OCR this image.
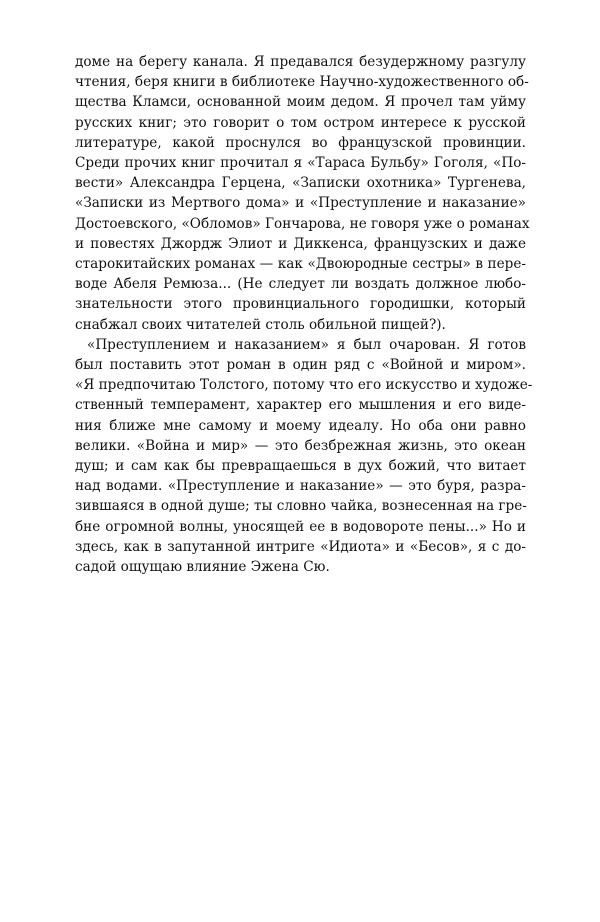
доме на берегу канала. Я предавался безудержному разгулу
чтения, беря книги в библиотеке Научно-художественного об-
щества Кламси, основанной моим дедом. Я прочел там уйму
русских книг; это говорит о том остром интересе к русской
литературе, какой проснулся во французской провинции.
Среди прочих книг прочитал я «Тараса Бульбу» Гоголя, «По-
вести» Александра Герцена, «Записки охотника» Тургенева,
«Записки из Мертвого дома» и «Преступление и наказание»
Достоевского, «Обломов» Гончарова, не говоря уже о романах
и повестях Джордж Элиот и Диккенса, французских и даже
старокитайских романах — как «Двоюродные сестры» в пере-
воде Абеля Ремюза... (Не следует ли воздать должное любо-
знательности этого провинциального городишки, который
снабжал своих читателей столь обильной пищей?).
«Преступлением и наказанием» я был очарован. Я готов
был поставить этот роман в один ряд с «Войной и миром».
«Я предпочитаю Толстого, потому что его искусство и художе-
ственный темперамент, характер его мышления и его видe-
ния ближе мне самому и моему идеалу. Но оба они равно
велики. «Война и мир» — это безбрежная жизнь, это океан
душ; и сам как бы превращаешься в дух божий, что витает
над водами. «Преступление и наказание» — это буря, разра-
зившаяся в одной душе; ты словно чайка, вознесенная на гре-
бне огромной волны, уносящей ее в водовороте пены...» Но и
здесь, как в запутанной интриге «Идиота» и «Бесов», я с до-
садой ощущаю влияние Эжена Сю.
